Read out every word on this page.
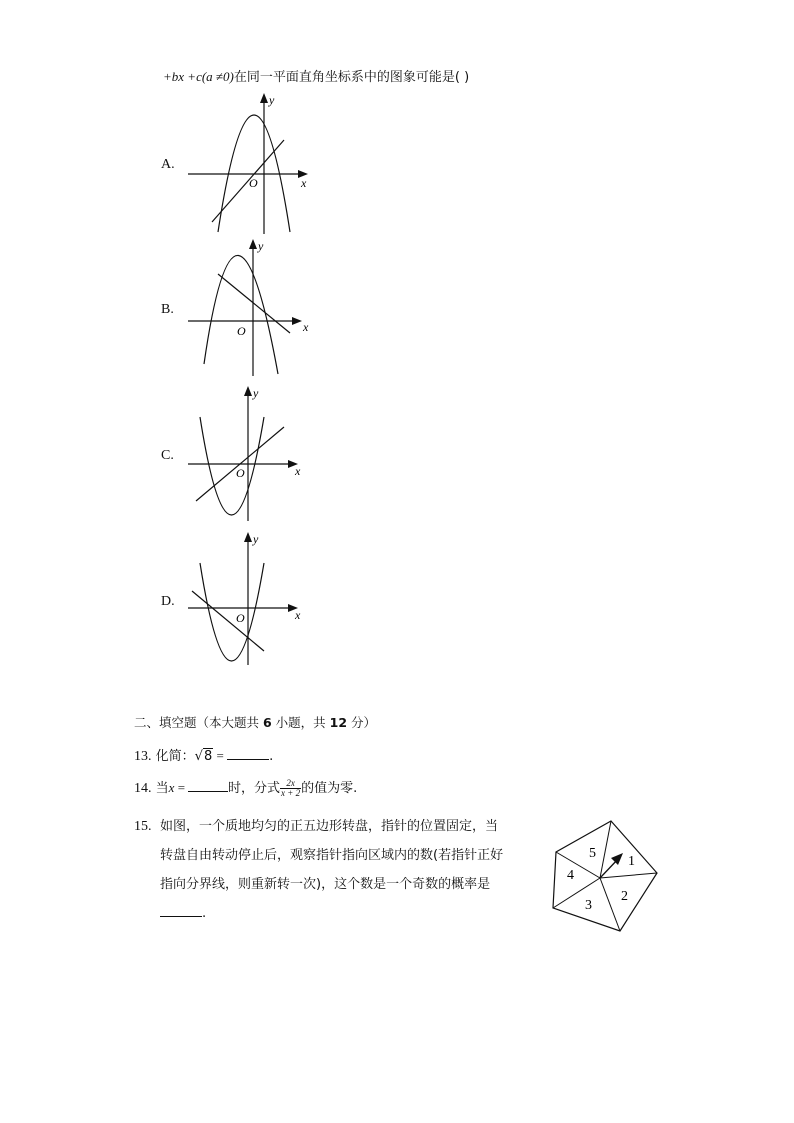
+bx +c(a ≠0)在同一平面直角坐标系中的图象可能是( )
A.
y
x
O
B.
y
x
O
C.
y
x
O
D.
y
x
O
二、填空题（本大题共 6 小题，共 12 分）
13. 化简：√8 =	.
14. 当x =	时，分式 $\frac{2x}{x + 2}$ 的值为零.
15. 如图，一个质地均匀的正五边形转盘，指针的位置固定，当
转盘自由转动停止后，观察指针指向区域内的数(若指针正好
指向分界线，则重新转一次)，这个数是一个奇数的概率是
.
1
2
3
4
5
